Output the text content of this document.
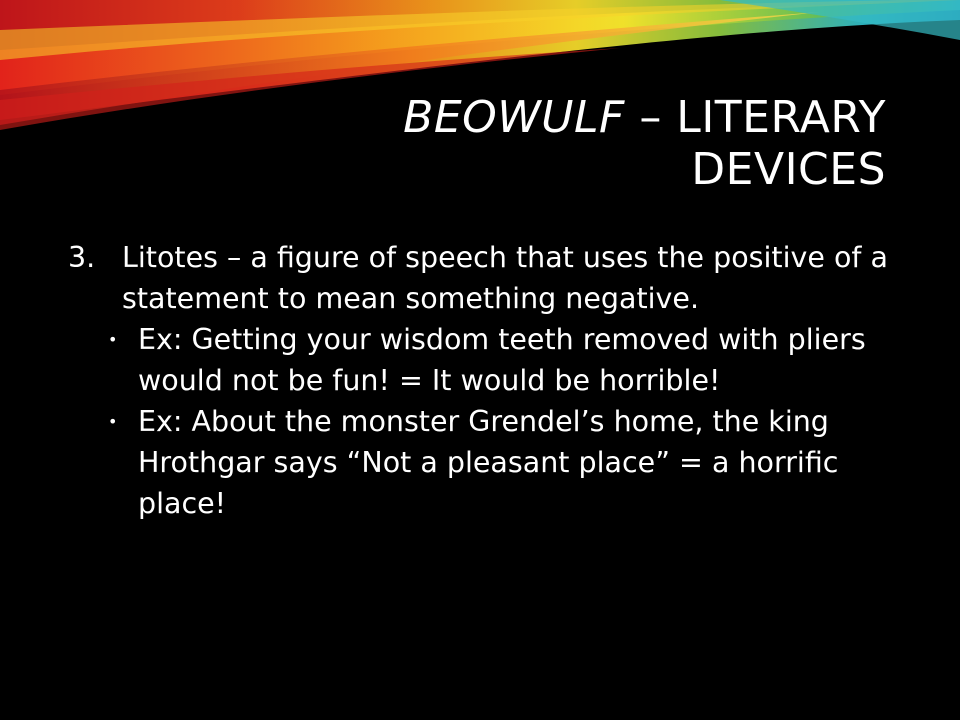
BEOWULF – LITERARY
DEVICES
3. Litotes – a figure of speech that uses the positive of a statement to mean something negative.
• Ex: Getting your wisdom teeth removed with pliers would not be fun! = It would be horrible!
• Ex: About the monster Grendel’s home, the king Hrothgar says “Not a pleasant place” = a horrific place!
